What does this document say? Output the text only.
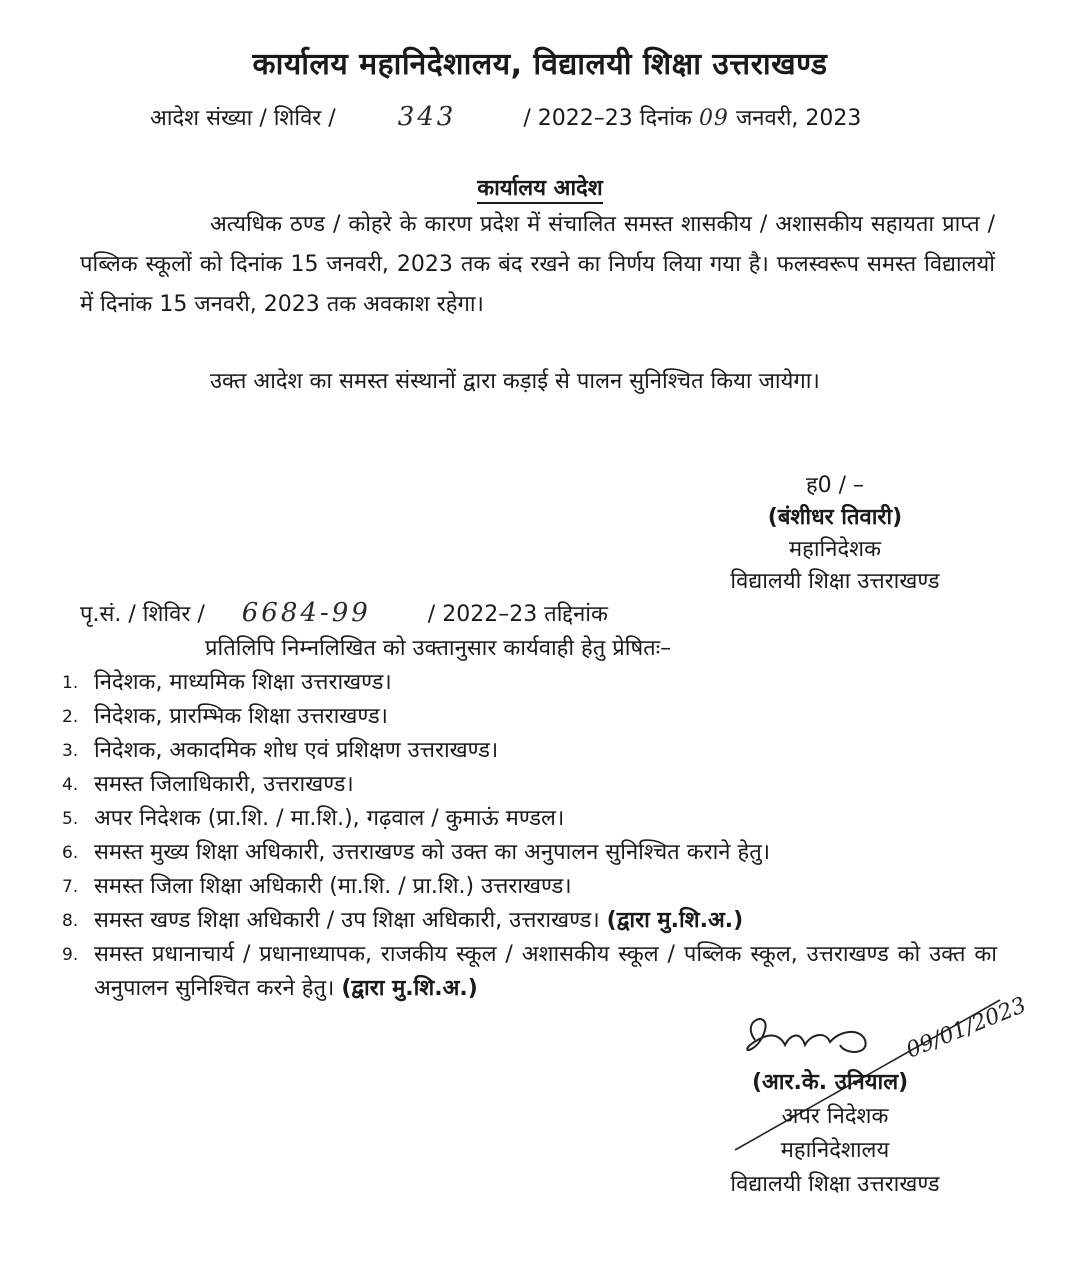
कार्यालय महानिदेशालय, विद्यालयी शिक्षा उत्तराखण्ड
आदेश संख्या / शिविर / 343	/ 2022–23 दिनांक 09 जनवरी, 2023
कार्यालय आदेश
अत्यधिक ठण्ड / कोहरे के कारण प्रदेश में संचालित समस्त शासकीय / अशासकीय सहायता प्राप्त / पब्लिक स्कूलों को दिनांक 15 जनवरी, 2023 तक बंद रखने का निर्णय लिया गया है। फलस्वरूप समस्त विद्यालयों में दिनांक 15 जनवरी, 2023 तक अवकाश रहेगा।
उक्त आदेश का समस्त संस्थानों द्वारा कड़ाई से पालन सुनिश्चित किया जायेगा।
ह0 / –
(बंशीधर तिवारी)
महानिदेशक
विद्यालयी शिक्षा उत्तराखण्ड
पृ.सं. / शिविर / 6684-99	/ 2022–23 तद्दिनांक
प्रतिलिपि निम्नलिखित को उक्तानुसार कार्यवाही हेतु प्रेषितः–
1. निदेशक, माध्यमिक शिक्षा उत्तराखण्ड।
2. निदेशक, प्रारम्भिक शिक्षा उत्तराखण्ड।
3. निदेशक, अकादमिक शोध एवं प्रशिक्षण उत्तराखण्ड।
4. समस्त जिलाधिकारी, उत्तराखण्ड।
5. अपर निदेशक (प्रा.शि. / मा.शि.), गढ़वाल / कुमाऊं मण्डल।
6. समस्त मुख्य शिक्षा अधिकारी, उत्तराखण्ड को उक्त का अनुपालन सुनिश्चित कराने हेतु।
7. समस्त जिला शिक्षा अधिकारी (मा.शि. / प्रा.शि.) उत्तराखण्ड।
8. समस्त खण्ड शिक्षा अधिकारी / उप शिक्षा अधिकारी, उत्तराखण्ड। (द्वारा मु.शि.अ.)
9. समस्त प्रधानाचार्य / प्रधानाध्यापक, राजकीय स्कूल / अशासकीय स्कूल / पब्लिक स्कूल, उत्तराखण्ड को उक्त का अनुपालन सुनिश्चित करने हेतु। (द्वारा मु.शि.अ.)
09/01/2023
(आर.के. उनियाल)
अपर निदेशक
महानिदेशालय
विद्यालयी शिक्षा उत्तराखण्ड
